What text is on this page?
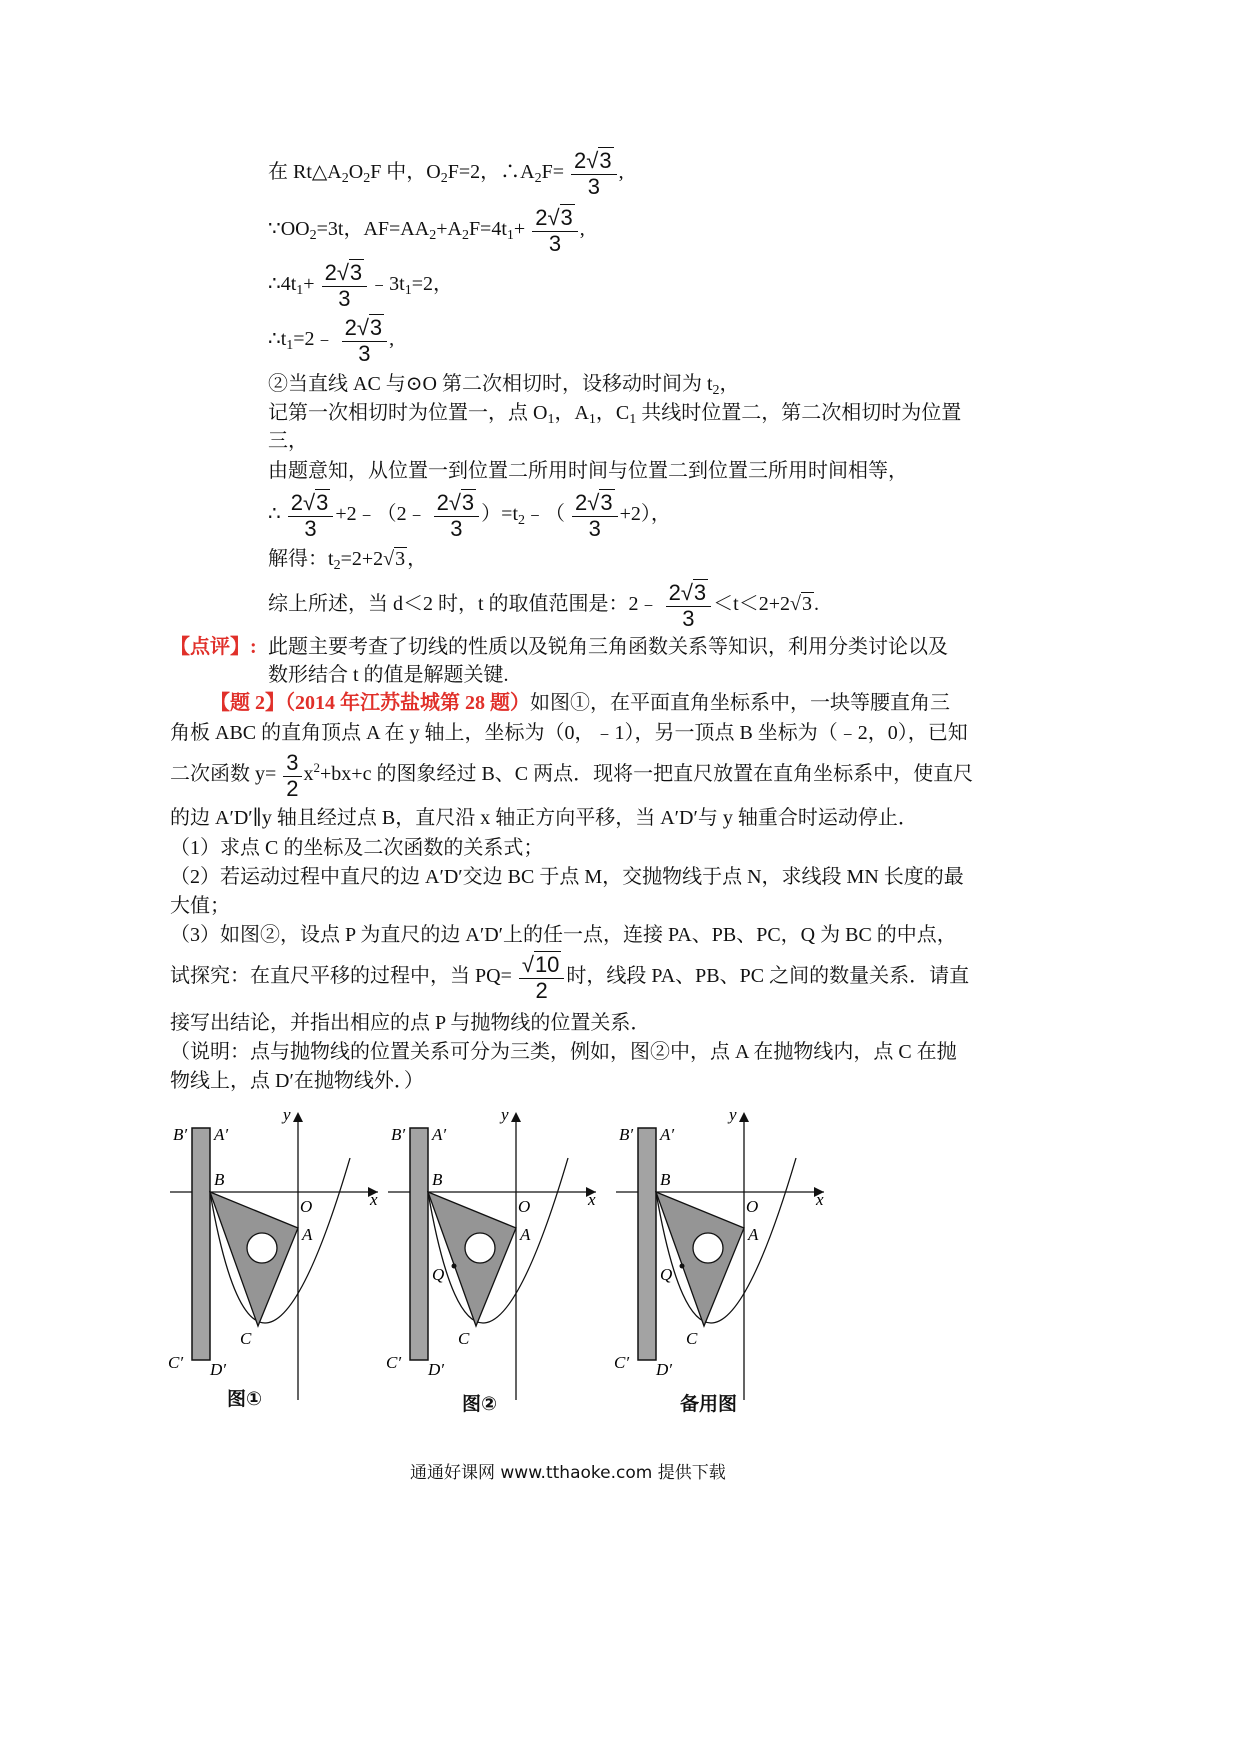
在 $Rt\triangle A_2O_2F$ 中，$O_2F=2$，$\therefore A_2F= \frac{2√3}{3}$ ,
$\because OO_2=3t$，$AF=AA_2+A_2F=4t_1+ \frac{2√3}{3}$ ,
$\therefore 4t_1+ \frac{2√3}{3}$ $﹣3t_1=2$，
$\therefore t_1=2﹣ \frac{2√3}{3}$ ,
②当直线 AC 与⊙O 第二次相切时，设移动时间为 $t_2$，
记第一次相切时为位置一，点 $O_1$，$A_1$，$C_1$ 共线时位置二，第二次相切时为位置
三，
由题意知，从位置一到位置二所用时间与位置二到位置三所用时间相等，
∴ $\frac{2√3}{3}$ +2﹣（2﹣ $\frac{2√3}{3}$ ）$=t_2﹣( \frac{2√3}{3} +2)$，
解得：$t_2=2+2√3$ ，
综上所述，当 d＜2 时，t 的取值范围是：2﹣ $\frac{2√3}{3} <t<2+2√3$ .
【点评】: 此题主要考查了切线的性质以及锐角三角函数关系等知识，利用分类讨论以及
数形结合 t 的值是解题关键.
【题 2】（2014 年江苏盐城第 28 题）如图①，在平面直角坐标系中，一块等腰直角三
角板 ABC 的直角顶点 A 在 y 轴上，坐标为（0，﹣1），另一顶点 B 坐标为（﹣2，0），已知
二次函数 $y= \frac{3}{2} x^2+bx+c$ 的图象经过 B、C 两点．现将一把直尺放置在直角坐标系中，使直尺
的边 A′D′∥y 轴且经过点 B，直尺沿 x 轴正方向平移，当 A′D′与 y 轴重合时运动停止．
（1）求点 C 的坐标及二次函数的关系式；
（2）若运动过程中直尺的边 A′D′交边 BC 于点 M，交抛物线于点 N，求线段 MN 长度的最
大值；
（3）如图②，设点 P 为直尺的边 A′D′上的任一点，连接 PA、PB、PC，Q 为 BC 的中点，
试探究：在直尺平移的过程中，当 $PQ= \frac{√10}{2}$ 时，线段 PA、PB、PC 之间的数量关系．请直
接写出结论，并指出相应的点 P 与抛物线的位置关系．
（说明：点与抛物线的位置关系可分为三类，例如，图②中，点 A 在抛物线内，点 C 在抛
物线上，点 D′在抛物线外．）
B′ A′
B
O
A
C
C′ D′
x
y
B′ A′
B
O
A
Q
C
C′ D′
x
y
B′ A′
B
O
A
Q
C
C′ D′
x
y
图①	图②	备用图
通通好课网 www.tthaoke.com 提供下载
